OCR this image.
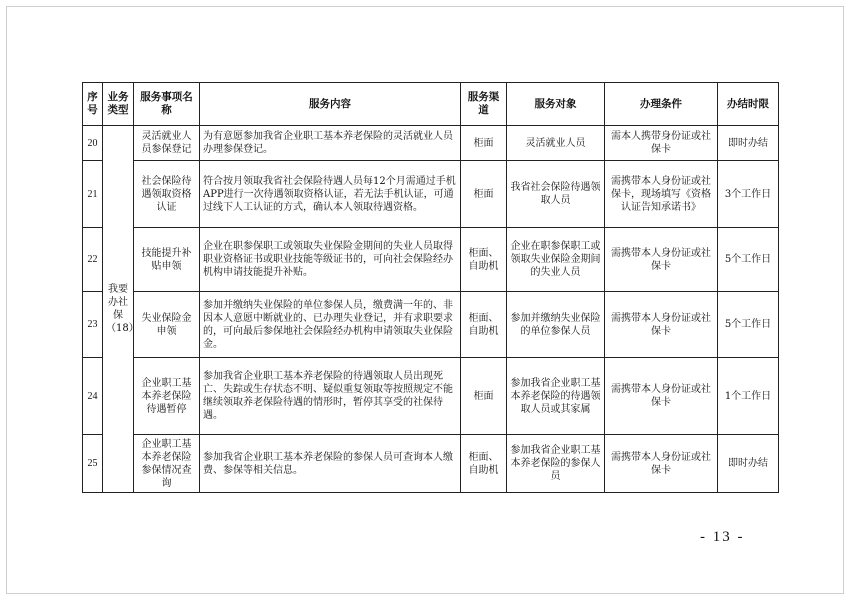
序号	业务类型	服务事项名称	服务内容	服务渠道	服务对象	办理条件	办结时限
20	我要办社保（18）	灵活就业人员参保登记	为有意愿参加我省企业职工基本养老保险的灵活就业人员办理参保登记。	柜面	灵活就业人员	需本人携带身份证或社保卡	即时办结
21		社会保险待遇领取资格认证	符合按月领取我省社会保险待遇人员每12个月需通过手机APP进行一次待遇领取资格认证，若无法手机认证，可通过线下人工认证的方式，确认本人领取待遇资格。	柜面	我省社会保险待遇领取人员	需携带本人身份证或社保卡，现场填写《资格认证告知承诺书》	3个工作日
22		技能提升补贴申领	企业在职参保职工或领取失业保险金期间的失业人员取得职业资格证书或职业技能等级证书的，可向社会保险经办机构申请技能提升补贴。	柜面、自助机	企业在职参保职工或领取失业保险金期间的失业人员	需携带本人身份证或社保卡	5个工作日
23		失业保险金申领	参加并缴纳失业保险的单位参保人员，缴费满一年的、非因本人意愿中断就业的、已办理失业登记，并有求职要求的，可向最后参保地社会保险经办机构申请领取失业保险金。	柜面、自助机	参加并缴纳失业保险的单位参保人员	需携带本人身份证或社保卡	5个工作日
24		企业职工基本养老保险待遇暂停	参加我省企业职工基本养老保险的待遇领取人员出现死亡、失踪或生存状态不明、疑似重复领取等按照规定不能继续领取养老保险待遇的情形时，暂停其享受的社保待遇。	柜面	参加我省企业职工基本养老保险的待遇领取人员或其家属	需携带本人身份证或社保卡	1个工作日
25		企业职工基本养老保险参保情况查询	参加我省企业职工基本养老保险的参保人员可查询本人缴费、参保等相关信息。	柜面、自助机	参加我省企业职工基本养老保险的参保人员	需携带本人身份证或社保卡	即时办结
- 13 -
